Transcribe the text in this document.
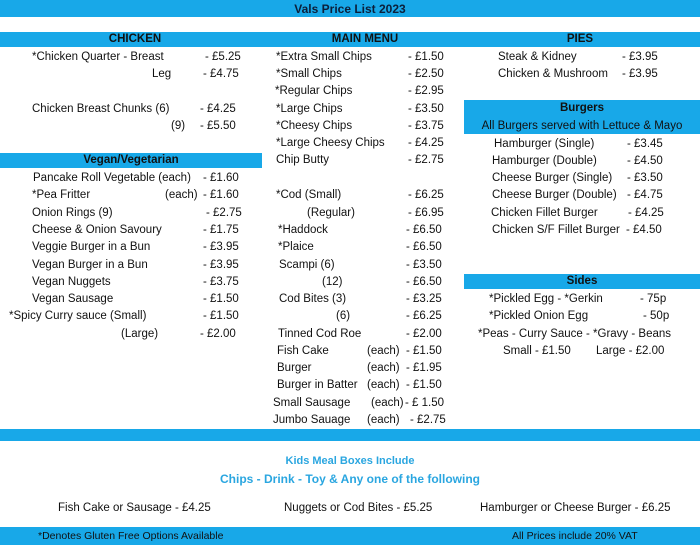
Vals Price List 2023
CHICKEN	MAIN MENU	PIES
*Chicken Quarter - Breast	- £5.25
Leg	- £4.75
Chicken Breast Chunks (6)	- £4.25
(9) - £5.50
Vegan/Vegetarian
Pancake Roll Vegetable (each) - £1.60
*Pea Fritter	(each) - £1.60
Onion Rings (9)	- £2.75
Cheese & Onion Savoury	- £1.75
Veggie Burger in a Bun	- £3.95
Vegan Burger in a Bun	- £3.95
Vegan Nuggets	- £3.75
Vegan Sausage	- £1.50
*Spicy Curry sauce (Small)	- £1.50
(Large)	- £2.00
*Extra Small Chips	- £1.50
*Small Chips	- £2.50
*Regular Chips	- £2.95
*Large Chips	- £3.50
*Cheesy Chips	- £3.75
*Large Cheesy Chips - £4.25
Chip Butty	- £2.75
*Cod (Small)	- £6.25
(Regular)	- £6.95
*Haddock	- £6.50
*Plaice	- £6.50
Scampi (6)	- £3.50
(12)	- £6.50
Cod Bites (3)	- £3.25
(6)	- £6.25
Tinned Cod Roe	- £2.00
Fish Cake	(each) - £1.50
Burger	(each) - £1.95
Burger in Batter (each) - £1.50
Small Sausage (each) - £ 1.50
Jumbo Sauage (each) - £2.75
Steak & Kidney	- £3.95
Chicken & Mushroom - £3.95
Burgers
All Burgers served with Lettuce & Mayo
Hamburger (Single)	- £3.45
Hamburger (Double)	- £4.50
Cheese Burger (Single) - £3.50
Cheese Burger (Double) - £4.75
Chicken Fillet Burger	- £4.25
Chicken S/F Fillet Burger - £4.50
Sides
*Pickled Egg - *Gerkin	- 75p
*Pickled Onion Egg	- 50p
*Peas - Curry Sauce - *Gravy - Beans
Small - £1.50 Large - £2.00
Kids Meal Boxes Include
Chips - Drink - Toy & Any one of the following
Fish Cake or Sausage - £4.25	Nuggets or Cod Bites - £5.25	Hamburger or Cheese Burger - £6.25
*Denotes Gluten Free Options Available	All Prices include 20% VAT
